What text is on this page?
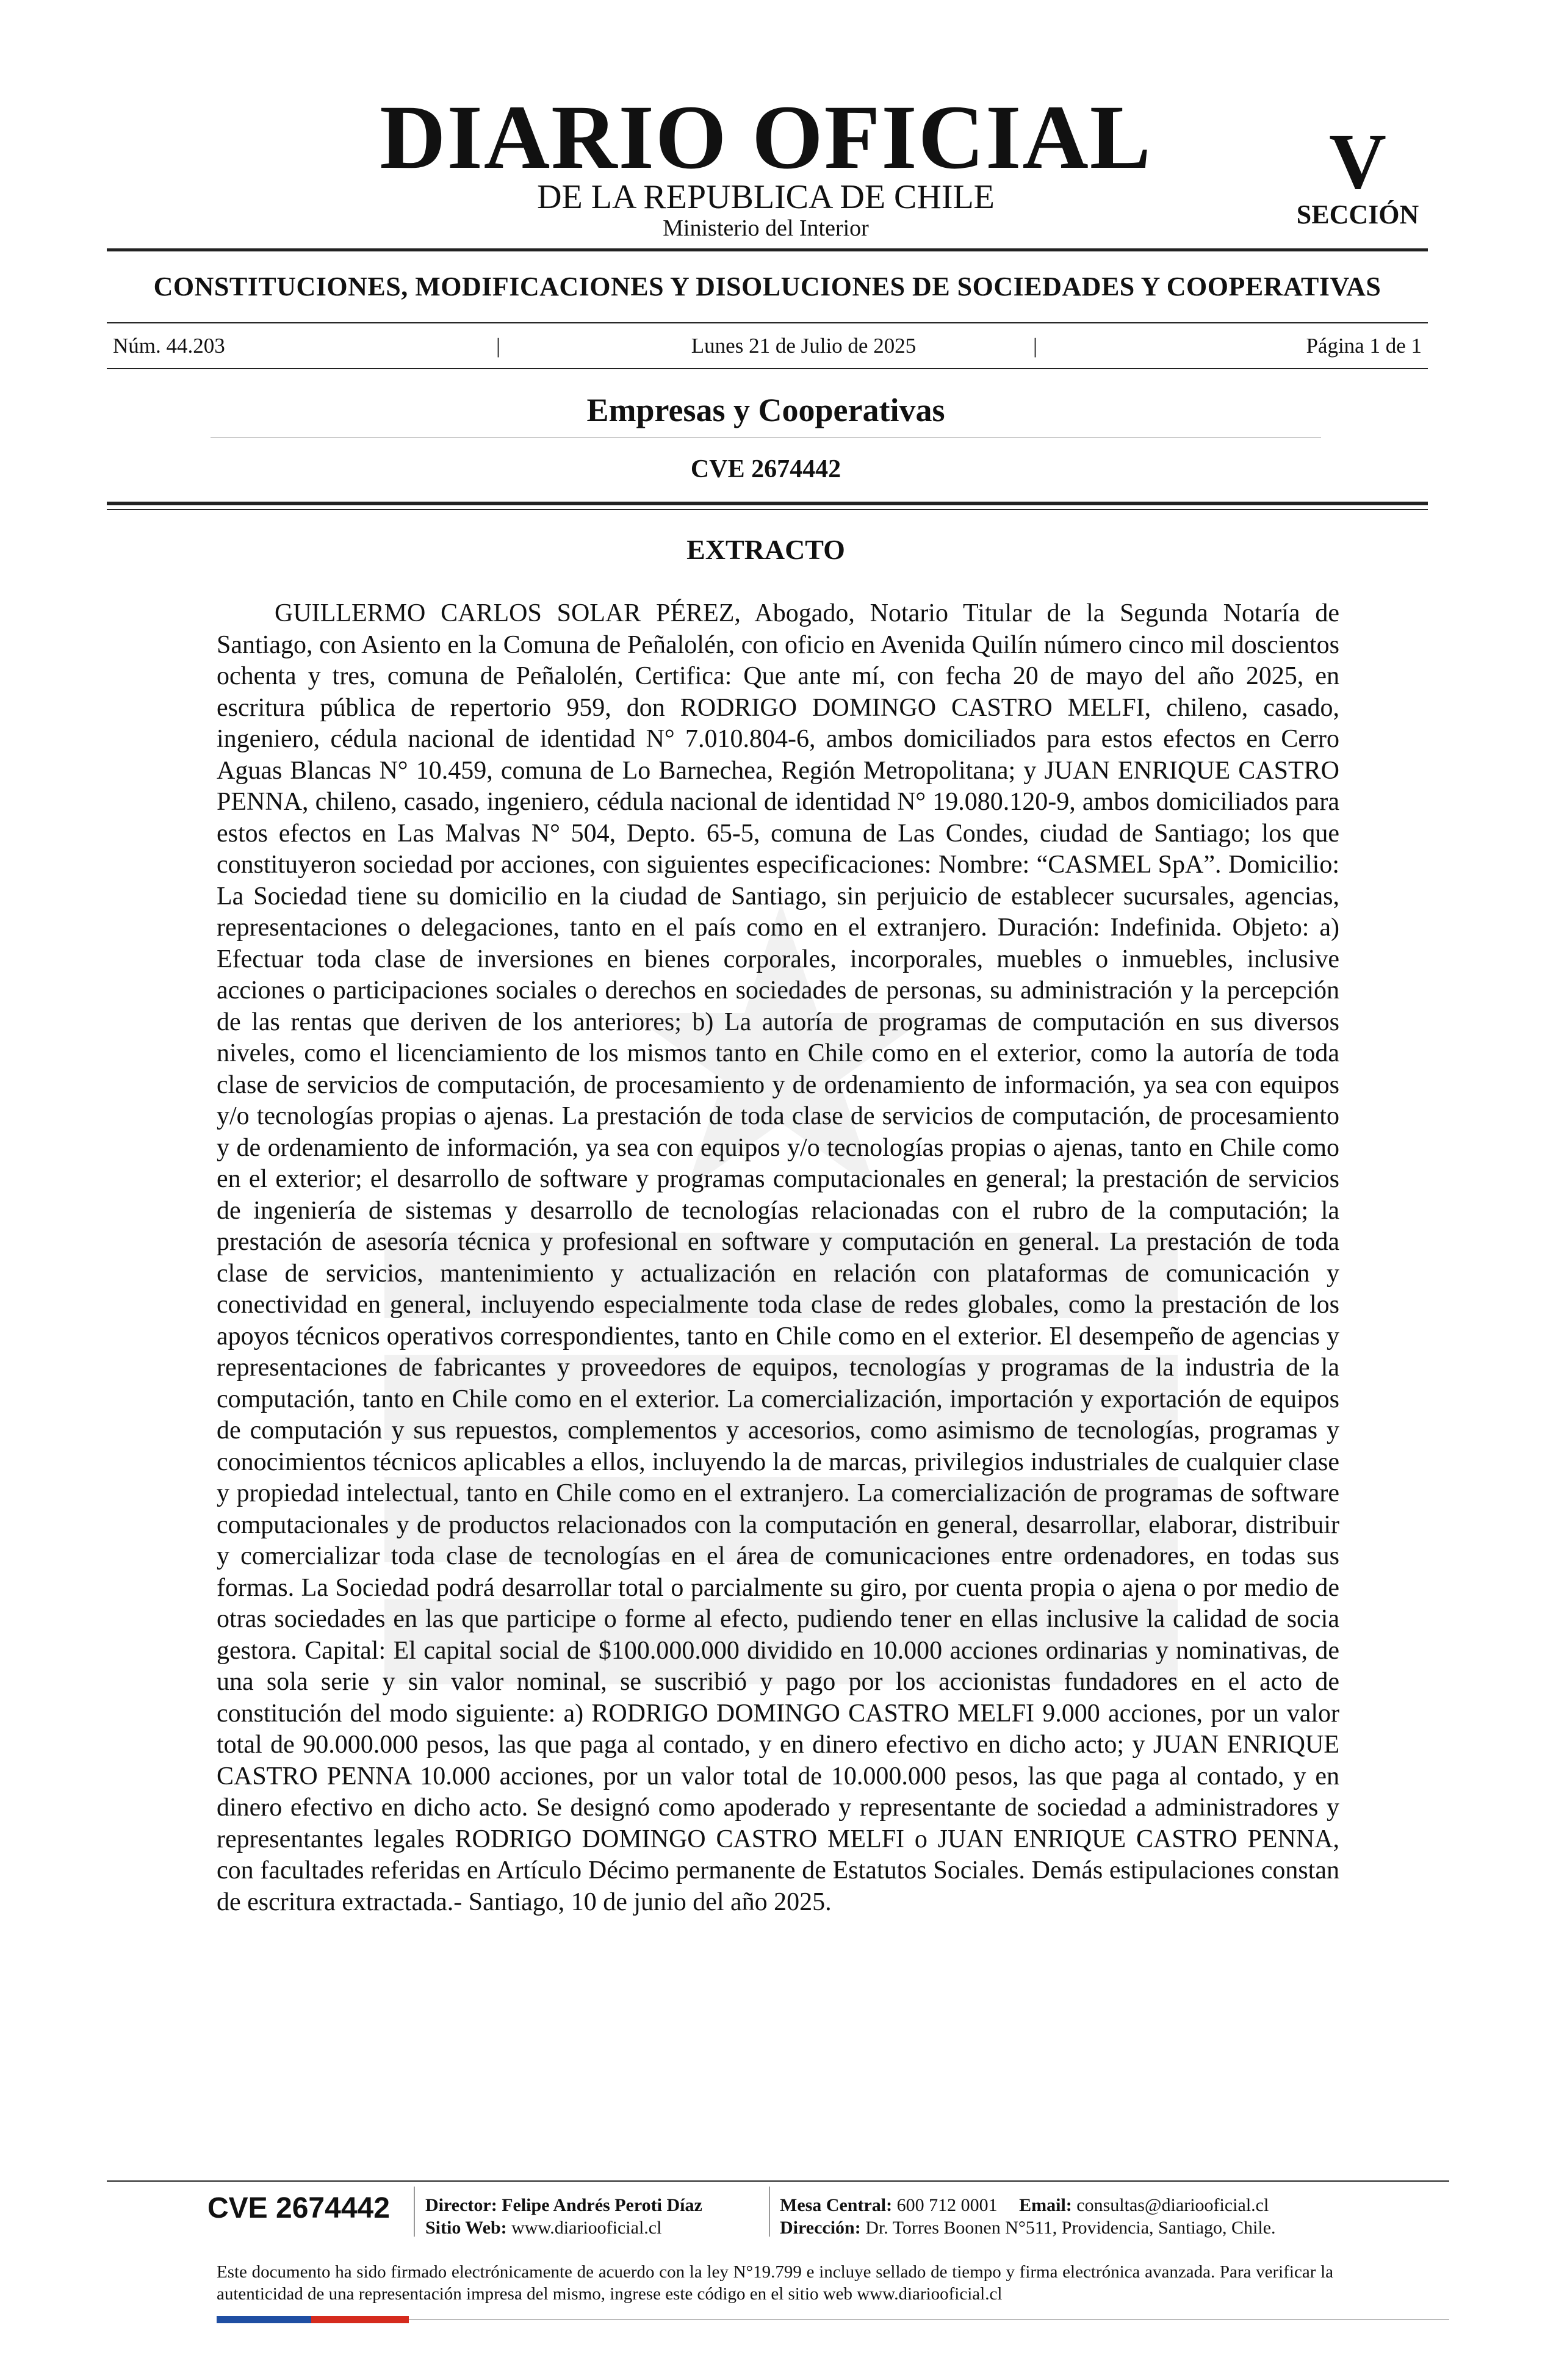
DIARIO OFICIAL
DE LA REPUBLICA DE CHILE
Ministerio del Interior
V
SECCIÓN
CONSTITUCIONES, MODIFICACIONES Y DISOLUCIONES DE SOCIEDADES Y COOPERATIVAS
Núm. 44.203	|	Lunes 21 de Julio de 2025	|	Página 1 de 1
Empresas y Cooperativas
CVE 2674442
EXTRACTO

GUILLERMO CARLOS SOLAR PÉREZ, Abogado, Notario Titular de la Segunda Notaría de Santiago, con Asiento en la Comuna de Peñalolén, con oficio en Avenida Quilín número cinco mil doscientos ochenta y tres, comuna de Peñalolén, Certifica: Que ante mí, con fecha 20 de mayo del año 2025, en escritura pública de repertorio 959, don RODRIGO DOMINGO CASTRO MELFI, chileno, casado, ingeniero, cédula nacional de identidad N° 7.010.804-6, ambos domiciliados para estos efectos en Cerro Aguas Blancas N° 10.459, comuna de Lo Barnechea, Región Metropolitana; y JUAN ENRIQUE CASTRO PENNA, chileno, casado, ingeniero, cédula nacional de identidad N° 19.080.120-9, ambos domiciliados para estos efectos en Las Malvas N° 504, Depto. 65-5, comuna de Las Condes, ciudad de Santiago; los que constituyeron sociedad por acciones, con siguientes especificaciones: Nombre: “CASMEL SpA”. Domicilio: La Sociedad tiene su domicilio en la ciudad de Santiago, sin perjuicio de establecer sucursales, agencias, representaciones o delegaciones, tanto en el país como en el extranjero. Duración: Indefinida. Objeto: a) Efectuar toda clase de inversiones en bienes corporales, incorporales, muebles o inmuebles, inclusive acciones o participaciones sociales o derechos en sociedades de personas, su administración y la percepción de las rentas que deriven de los anteriores; b) La autoría de programas de computación en sus diversos niveles, como el licenciamiento de los mismos tanto en Chile como en el exterior, como la autoría de toda clase de servicios de computación, de procesamiento y de ordenamiento de información, ya sea con equipos y/o tecnologías propias o ajenas. La prestación de toda clase de servicios de computación, de procesamiento y de ordenamiento de información, ya sea con equipos y/o tecnologías propias o ajenas, tanto en Chile como en el exterior; el desarrollo de software y programas computacionales en general; la prestación de servicios de ingeniería de sistemas y desarrollo de tecnologías relacionadas con el rubro de la computación; la prestación de asesoría técnica y profesional en software y computación en general. La prestación de toda clase de servicios, mantenimiento y actualización en relación con plataformas de comunicación y conectividad en general, incluyendo especialmente toda clase de redes globales, como la prestación de los apoyos técnicos operativos correspondientes, tanto en Chile como en el exterior. El desempeño de agencias y representaciones de fabricantes y proveedores de equipos, tecnologías y programas de la industria de la computación, tanto en Chile como en el exterior. La comercialización, importación y exportación de equipos de computación y sus repuestos, complementos y accesorios, como asimismo de tecnologías, programas y conocimientos técnicos aplicables a ellos, incluyendo la de marcas, privilegios industriales de cualquier clase y propiedad intelectual, tanto en Chile como en el extranjero. La comercialización de programas de software computacionales y de productos relacionados con la computación en general, desarrollar, elaborar, distribuir y comercializar toda clase de tecnologías en el área de comunicaciones entre ordenadores, en todas sus formas. La Sociedad podrá desarrollar total o parcialmente su giro, por cuenta propia o ajena o por medio de otras sociedades en las que participe o forme al efecto, pudiendo tener en ellas inclusive la calidad de socia gestora. Capital: El capital social de $100.000.000 dividido en 10.000 acciones ordinarias y nominativas, de una sola serie y sin valor nominal, se suscribió y pago por los accionistas fundadores en el acto de constitución del modo siguiente: a) RODRIGO DOMINGO CASTRO MELFI 9.000 acciones, por un valor total de 90.000.000 pesos, las que paga al contado, y en dinero efectivo en dicho acto; y JUAN ENRIQUE CASTRO PENNA 10.000 acciones, por un valor total de 10.000.000 pesos, las que paga al contado, y en dinero efectivo en dicho acto. Se designó como apoderado y representante de sociedad a administradores y representantes legales RODRIGO DOMINGO CASTRO MELFI o JUAN ENRIQUE CASTRO PENNA, con facultades referidas en Artículo Décimo permanente de Estatutos Sociales. Demás estipulaciones constan de escritura extractada.- Santiago, 10 de junio del año 2025.

CVE 2674442 Director: Felipe Andrés Peroti Díaz
Sitio Web: www.diariooficial.cl
Mesa Central: 600 712 0001 Email: consultas@diariooficial.cl
Dirección: Dr. Torres Boonen N°511, Providencia, Santiago, Chile.

Este documento ha sido firmado electrónicamente de acuerdo con la ley N°19.799 e incluye sellado de tiempo y firma electrónica avanzada. Para verificar la autenticidad de una representación impresa del mismo, ingrese este código en el sitio web www.diariooficial.cl
